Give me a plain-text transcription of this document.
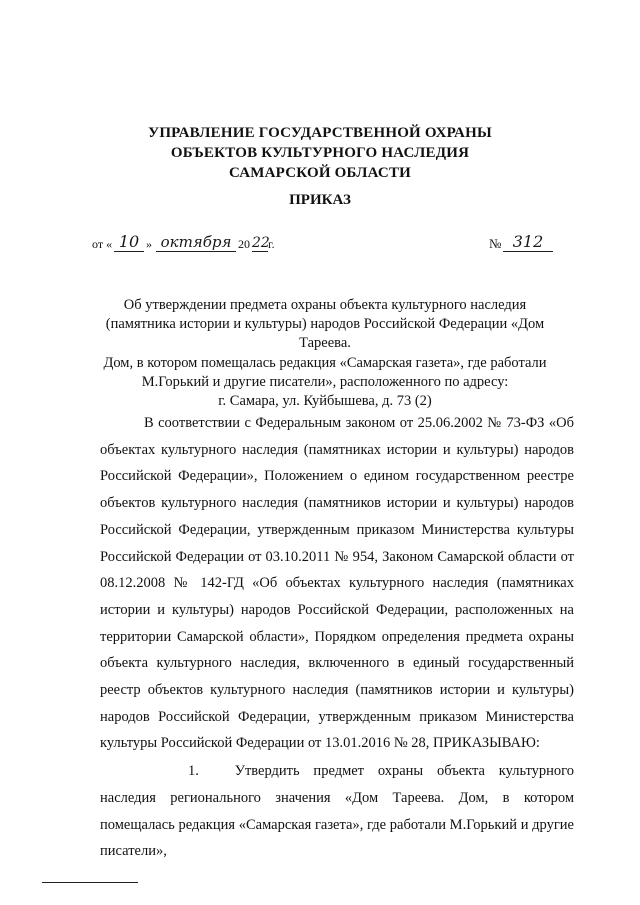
УПРАВЛЕНИЕ ГОСУДАРСТВЕННОЙ ОХРАНЫ
ОБЪЕКТОВ КУЛЬТУРНОГО НАСЛЕДИЯ
САМАРСКОЙ ОБЛАСТИ
ПРИКАЗ
от « 10 » октября 20 22
г.	№ 312
Об утверждении предмета охраны объекта культурного наследия
(памятника истории и культуры) народов Российской Федерации «Дом Тареева.
Дом, в котором помещалась редакция «Самарская газета», где работали
М.Горький и другие писатели», расположенного по адресу:
г. Самара, ул. Куйбышева, д. 73 (2)

В соответствии с Федеральным законом от 25.06.2002 № 73-ФЗ «Об объектах культурного наследия (памятниках истории и культуры) народов Российской Федерации», Положением о едином государственном реестре объектов культурного наследия (памятников истории и культуры) народов Российской Федерации, утвержденным приказом Министерства культуры Российской Федерации от 03.10.2011 № 954, Законом Самарской области от 08.12.2008 № 142-ГД «Об объектах культурного наследия (памятниках истории и культуры) народов Российской Федерации, расположенных на территории Самарской области», Порядком определения предмета охраны объекта культурного наследия, включенного в единый государственный реестр объектов культурного наследия (памятников истории и культуры) народов Российской Федерации, утвержденным приказом Министерства культуры Российской Федерации от 13.01.2016 № 28, ПРИКАЗЫВАЮ:

1. Утвердить предмет охраны объекта культурного наследия регионального значения «Дом Тареева. Дом, в котором помещалась редакция «Самарская газета», где работали М.Горький и другие писатели»,
